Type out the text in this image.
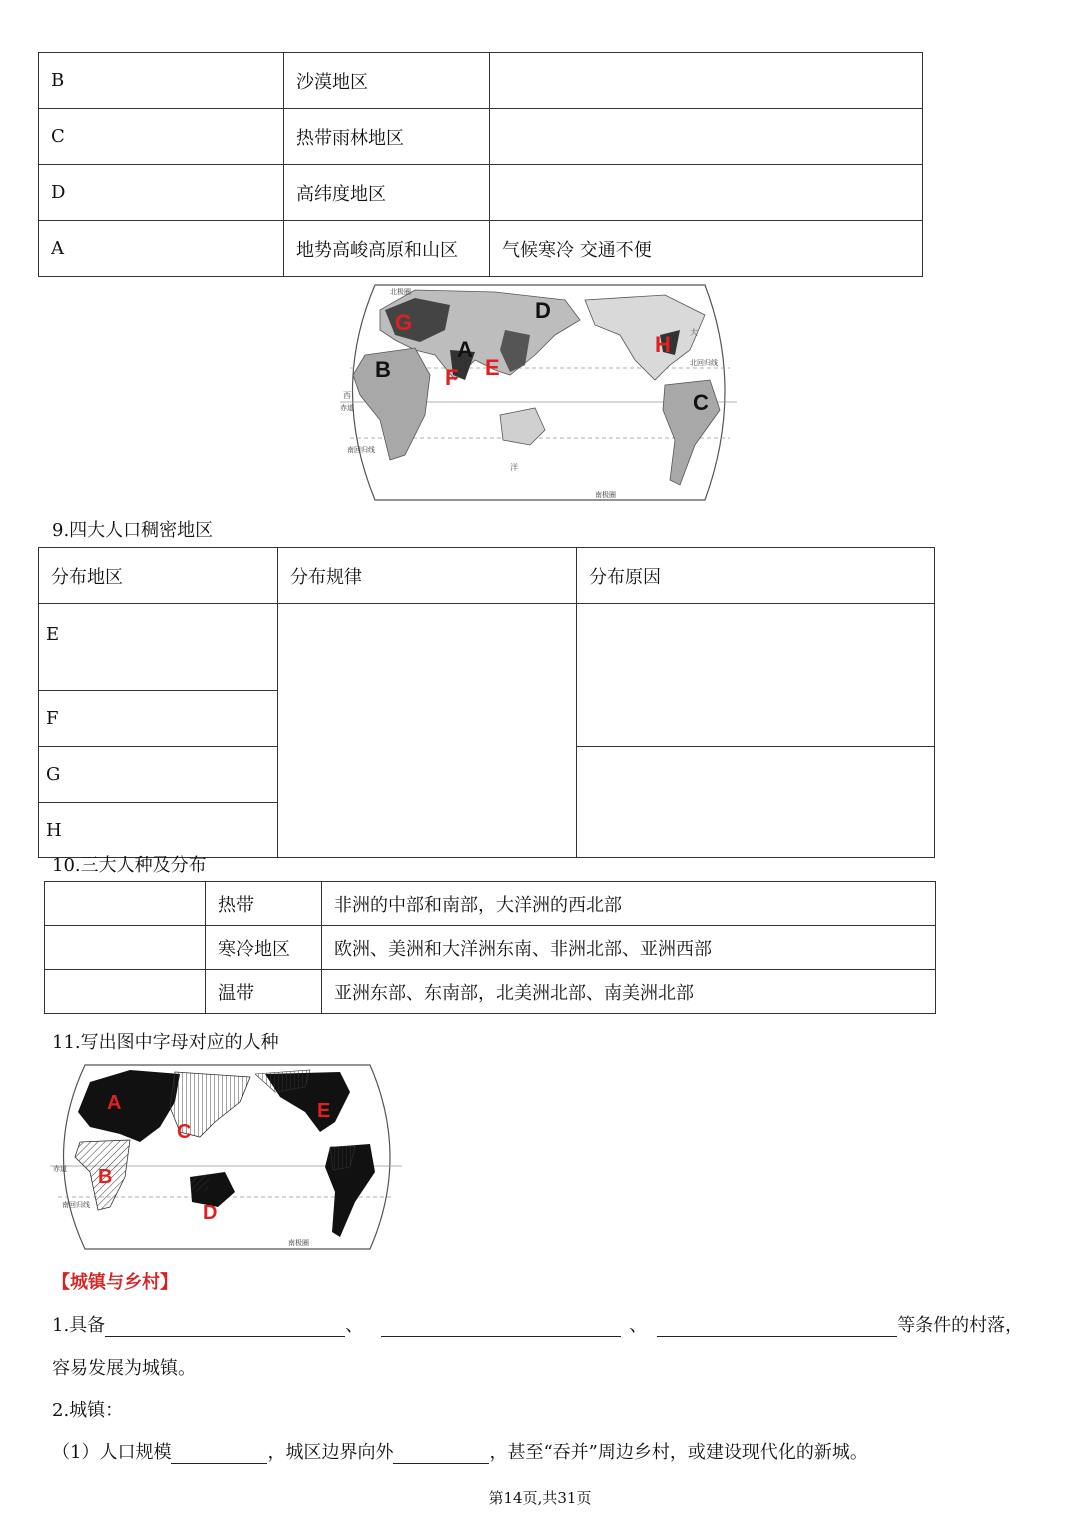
B	沙漠地区	
C	热带雨林地区	
D	高纬度地区	
A	地势高峻高原和山区	气候寒冷 交通不便
北极圈
北回归线
赤道
南回归线
南极圈
西
大
洋
G	D
A
B F E
H
C
9.四大人口稠密地区
分布地区	分布规律	分布原因
E		
F		
G		
H		
10.三大人种及分布
	热带	非洲的中部和南部，大洋洲的西北部
	寒冷地区	欧洲、美洲和大洋洲东南、非洲北部、亚洲西部
	温带	亚洲东部、东南部，北美洲北部、南美洲北部
11.写出图中字母对应的人种
赤道
南回归线
南极圈
A
C
B
D
E
【城镇与乡村】
1.具备	、	、	等条件的村落，
容易发展为城镇。
2.城镇：
（1）人口规模	，城区边界向外	，甚至“吞并”周边乡村，或建设现代化的新城。
第14页,共31页
